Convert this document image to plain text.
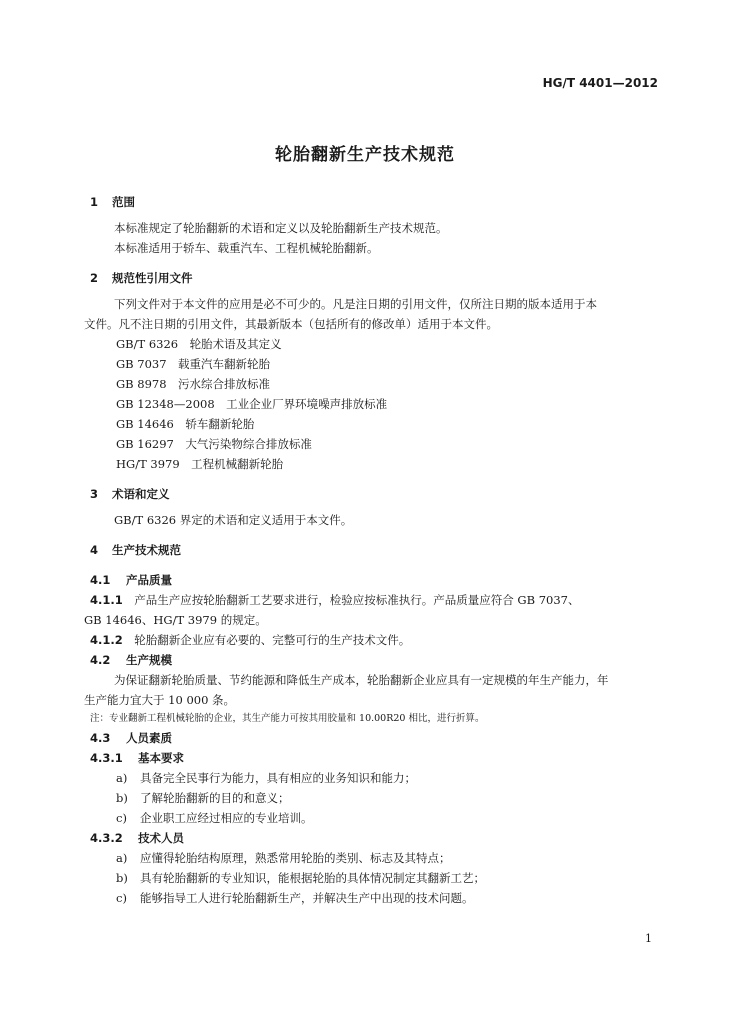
HG/T 4401—2012
轮胎翻新生产技术规范

1 范围

本标准规定了轮胎翻新的术语和定义以及轮胎翻新生产技术规范。

本标准适用于轿车、载重汽车、工程机械轮胎翻新。

2 规范性引用文件

下列文件对于本文件的应用是必不可少的。凡是注日期的引用文件，仅所注日期的版本适用于本

文件。凡不注日期的引用文件，其最新版本（包括所有的修改单）适用于本文件。

GB/T 6326　轮胎术语及其定义

GB 7037　载重汽车翻新轮胎

GB 8978　污水综合排放标准

GB 12348—2008　工业企业厂界环境噪声排放标准

GB 14646　轿车翻新轮胎

GB 16297　大气污染物综合排放标准

HG/T 3979　工程机械翻新轮胎

3 术语和定义

GB/T 6326 界定的术语和定义适用于本文件。

4 生产技术规范

4.1 产品质量

4.1.1　 产品生产应按轮胎翻新工艺要求进行，检验应按标准执行。产品质量应符合 GB 7037、

GB 14646、HG/T 3979 的规定。

4.1.2　 轮胎翻新企业应有必要的、完整可行的生产技术文件。

4.2 生产规模

为保证翻新轮胎质量、节约能源和降低生产成本，轮胎翻新企业应具有一定规模的年生产能力，年

生产能力宜大于 10 000 条。

注：专业翻新工程机械轮胎的企业，其生产能力可按其用胶量和 10.00R20 相比，进行折算。

4.3 人员素质

4.3.1 基本要求

a) 具备完全民事行为能力，具有相应的业务知识和能力；

b) 了解轮胎翻新的目的和意义；

c) 企业职工应经过相应的专业培训。

4.3.2 技术人员

a) 应懂得轮胎结构原理，熟悉常用轮胎的类别、标志及其特点；

b) 具有轮胎翻新的专业知识，能根据轮胎的具体情况制定其翻新工艺；

c) 能够指导工人进行轮胎翻新生产，并解决生产中出现的技术问题。

1
